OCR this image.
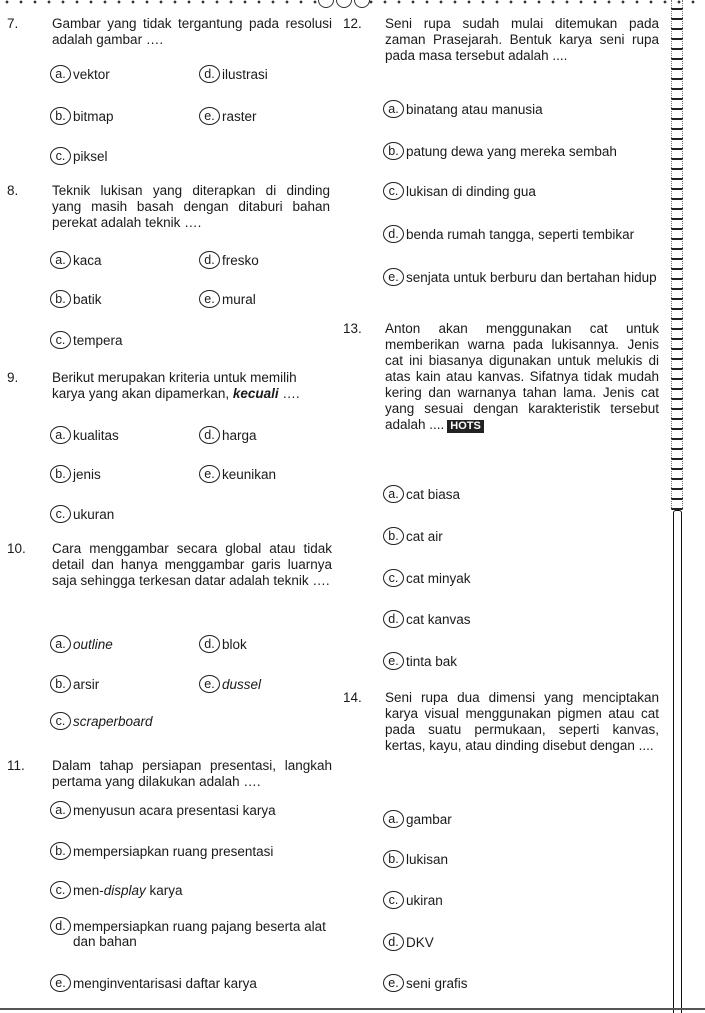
7. Gambar yang tidak tergantung pada resolusi adalah gambar ….
a. vektor
b. bitmap
c. piksel
d. ilustrasi
e. raster
8. Teknik lukisan yang diterapkan di dinding yang masih basah dengan ditaburi bahan perekat adalah teknik ….
a. kaca
b. batik
c. tempera
d. fresko
e. mural
9. Berikut merupakan kriteria untuk memilih karya yang akan dipamerkan, kecuali ….
a. kualitas
b. jenis
c. ukuran
d. harga
e. keunikan
10. Cara menggambar secara global atau tidak detail dan hanya menggambar garis luarnya saja sehingga terkesan datar adalah teknik ….
a. outline
b. arsir
c. scraperboard
d. blok
e. dussel
11. Dalam tahap persiapan presentasi, langkah pertama yang dilakukan adalah ….
a. menyusun acara presentasi karya
b. mempersiapkan ruang presentasi
c. men-display karya
d. mempersiapkan ruang pajang beserta alat dan bahan
e. menginventarisasi daftar karya
12. Seni rupa sudah mulai ditemukan pada zaman Prasejarah. Bentuk karya seni rupa pada masa tersebut adalah ....
a. binatang atau manusia
b. patung dewa yang mereka sembah
c. lukisan di dinding gua
d. benda rumah tangga, seperti tembikar
e. senjata untuk berburu dan bertahan hidup
13. Anton akan menggunakan cat untuk memberikan warna pada lukisannya. Jenis cat ini biasanya digunakan untuk melukis di atas kain atau kanvas. Sifatnya tidak mudah kering dan warnanya tahan lama. Jenis cat yang sesuai dengan karakteristik tersebut adalah .... HOTS
a. cat biasa
b. cat air
c. cat minyak
d. cat kanvas
e. tinta bak
14. Seni rupa dua dimensi yang menciptakan karya visual menggunakan pigmen atau cat pada suatu permukaan, seperti kanvas, kertas, kayu, atau dinding disebut dengan ....
a. gambar
b. lukisan
c. ukiran
d. DKV
e. seni grafis
